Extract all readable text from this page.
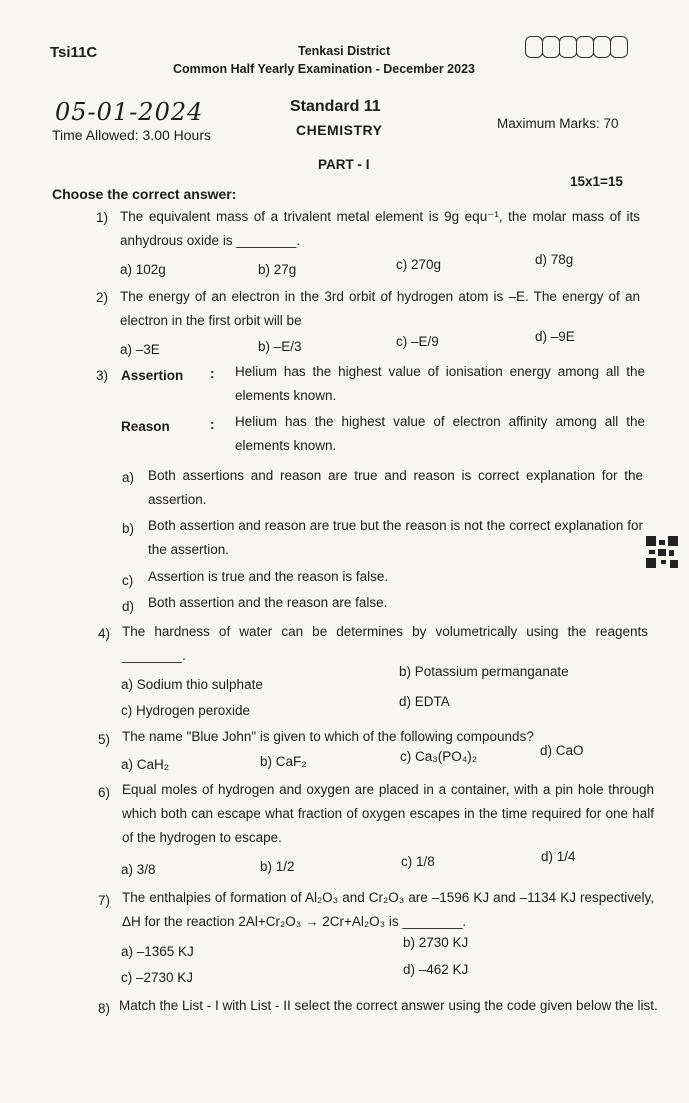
Tsi11C	Tenkasi District
Common Half Yearly Examination - December 2023
05-01-2024
Time Allowed: 3.00 Hours
Standard 11
CHEMISTRY	Maximum Marks: 70
PART - I
15x1=15
Choose the correct answer:
1) The equivalent mass of a trivalent metal element is 9g equ⁻¹, the molar mass of its anhydrous oxide is ________.
a) 102g	b) 27g	c) 270g	d) 78g
2) The energy of an electron in the 3rd orbit of hydrogen atom is –E. The energy of an electron in the first orbit will be
a) –3E	b) –E/3	c) –E/9	d) –9E
3) Assertion : Helium has the highest value of ionisation energy among all the elements known.
Reason	: Helium has the highest value of electron affinity among all the elements known.
a) Both assertions and reason are true and reason is correct explanation for the assertion.
b) Both assertion and reason are true but the reason is not the correct explanation for the assertion.
c) Assertion is true and the reason is false.
d) Both assertion and the reason are false.
4) The hardness of water can be determines by volumetrically using the reagents ________.
a) Sodium thio sulphate
b) Potassium permanganate
c) Hydrogen peroxide
d) EDTA
5) The name "Blue John" is given to which of the following compounds?
a) CaH₂	b) CaF₂	c) Ca₃(PO₄)₂	d) CaO
6) Equal moles of hydrogen and oxygen are placed in a container, with a pin hole through which both can escape what fraction of oxygen escapes in the time required for one half of the hydrogen to escape.
a) 3/8	b) 1/2	c) 1/8	d) 1/4
7) The enthalpies of formation of Al₂O₃ and Cr₂O₃ are –1596 KJ and –1134 KJ respectively, ΔH for the reaction 2Al+Cr₂O₃ → 2Cr+Al₂O₃ is ________.
a) –1365 KJ
b) 2730 KJ
c) –2730 KJ
d) –462 KJ
8) Match the List - I with List - II select the correct answer using the code given below the list.
